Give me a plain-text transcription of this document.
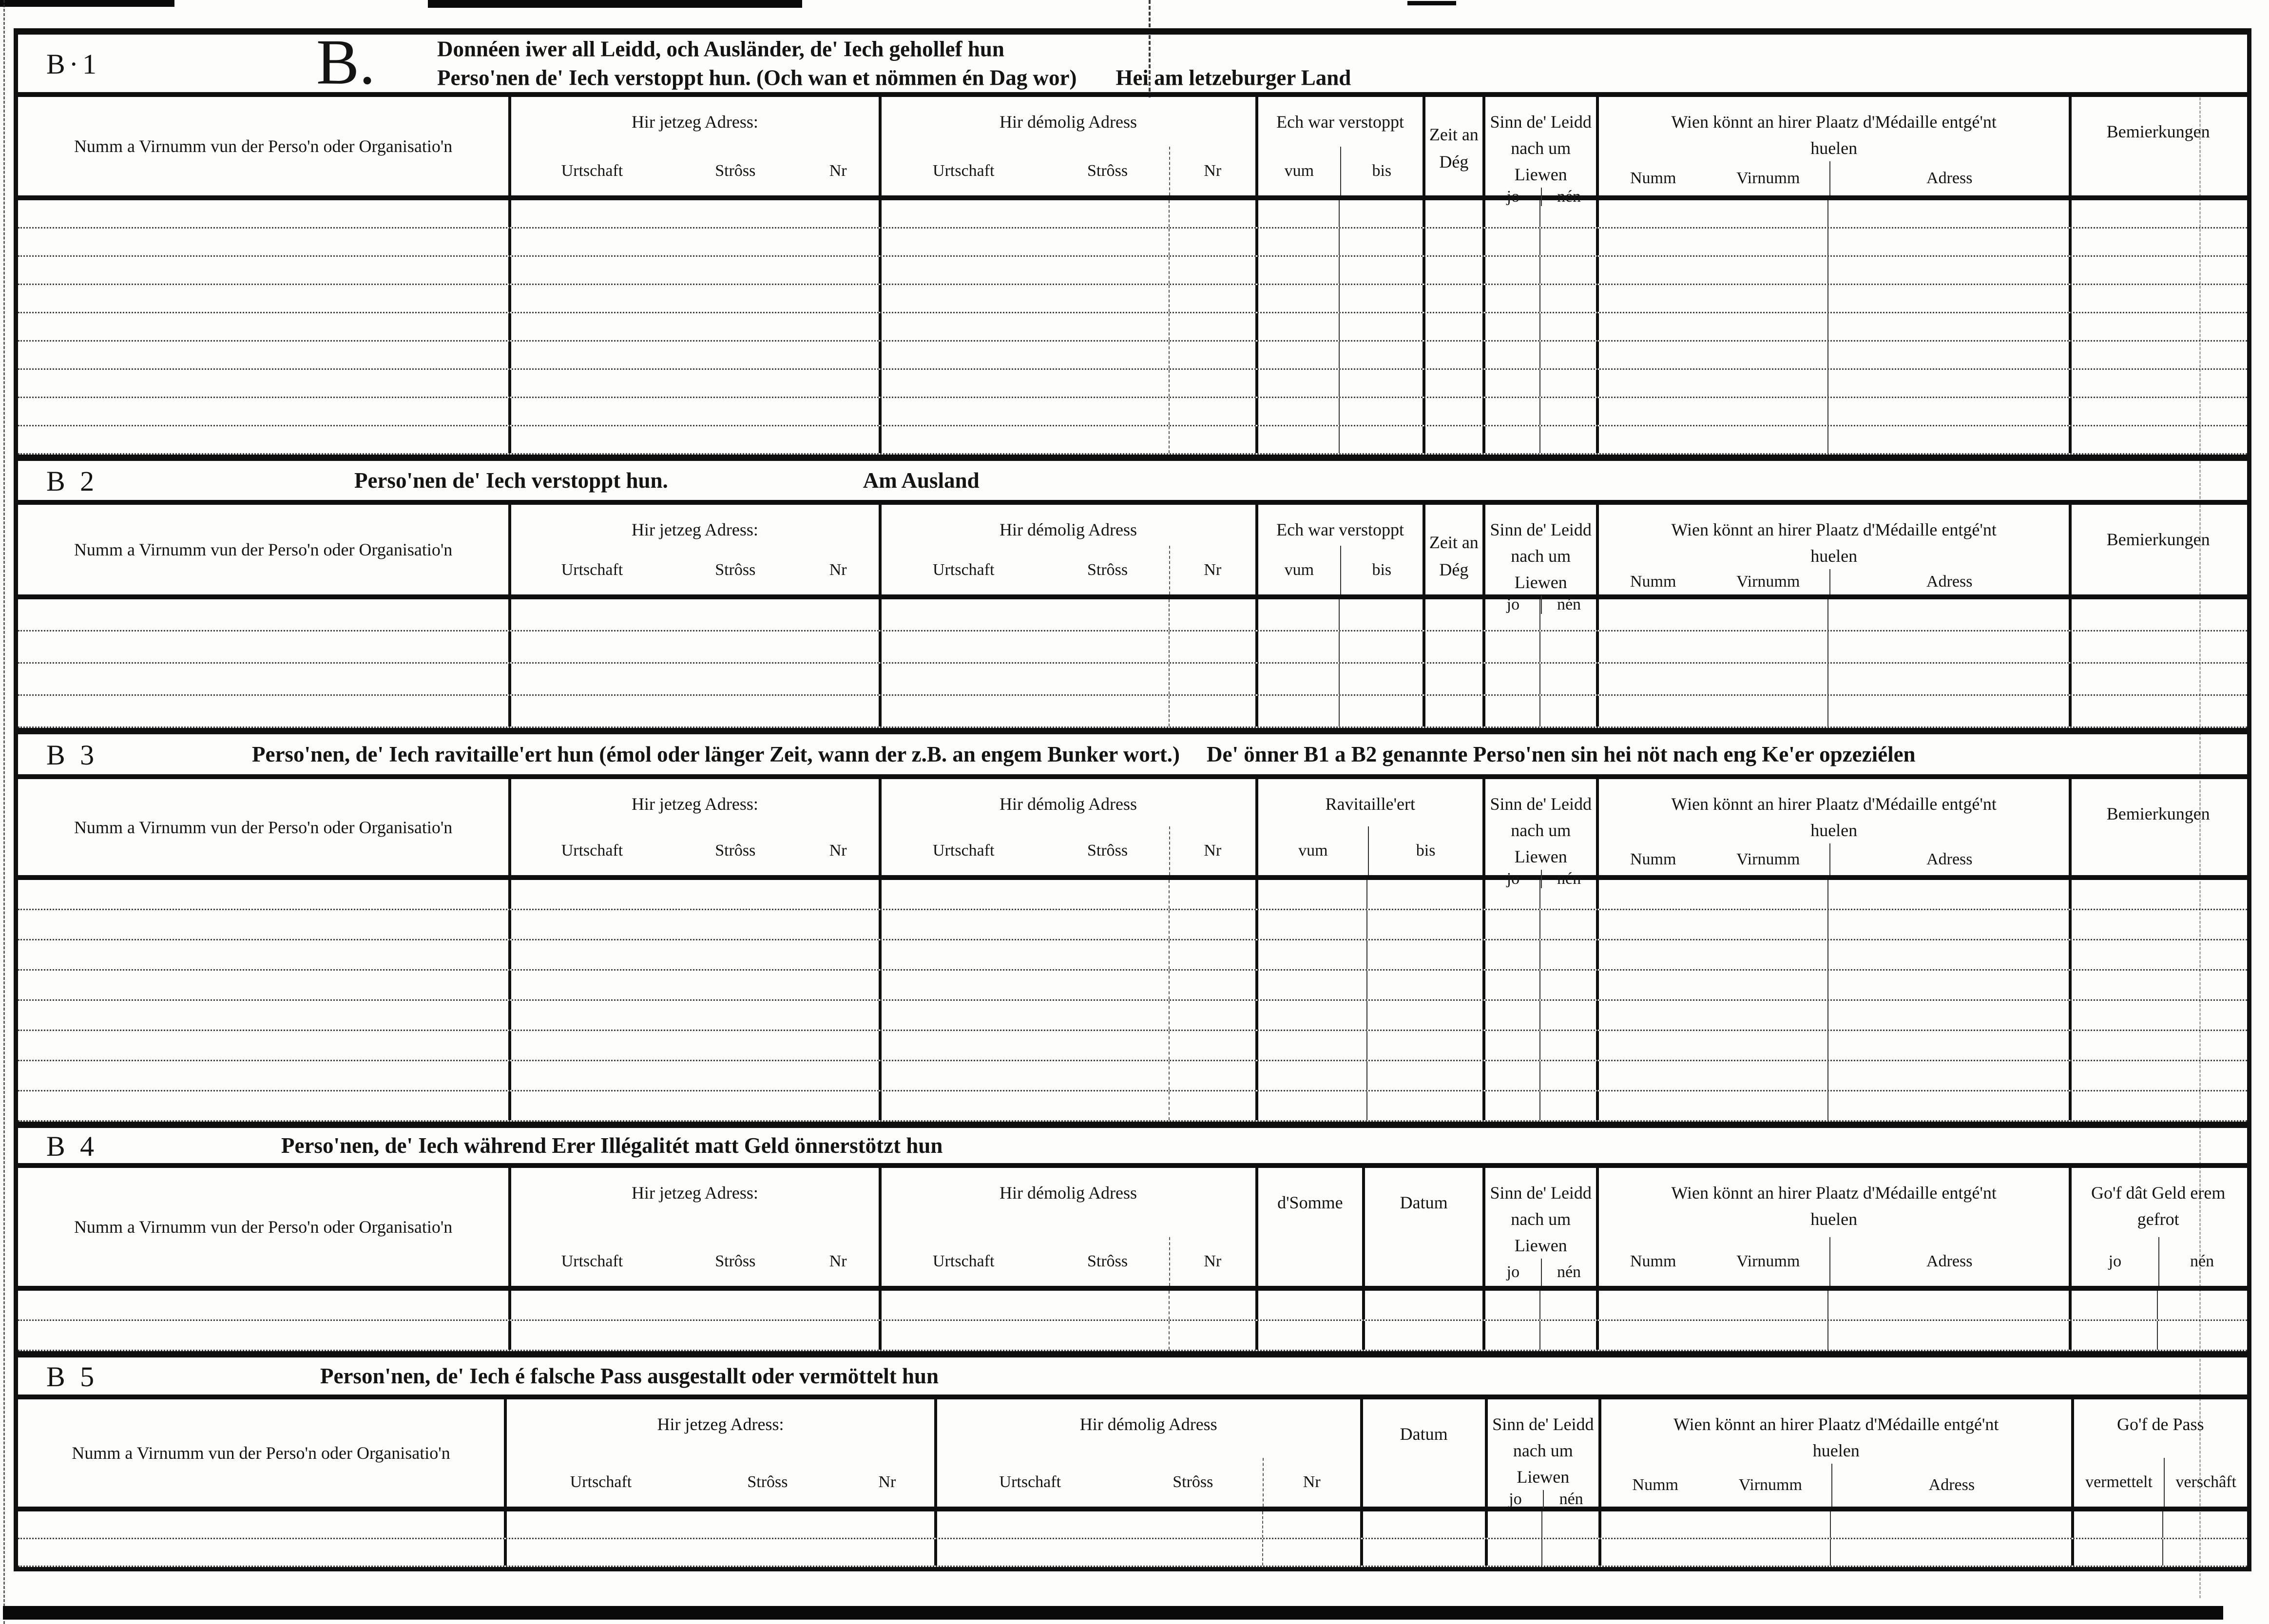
B·1	B.	Donnéen iwer all Leidd, och Ausländer, de' Iech gehollef hun
Perso'nen de' Iech verstoppt hun. (Och wan et nömmen én Dag wor) Hei am letzeburger Land
Numm a Virnumm vun der Perso'n oder Organisatio'n
Hir jetzeg Adress:
Urtschaft	Strôss	Nr
Hir démolig Adress
Urtschaft	Strôss	Nr
Ech war verstoppt
vum	bis
Zeit an Dég
Sinn de' Leidd nach um Liewen
jo	nén
Wien könnt an hirer Plaatz d'Médaille entgé'nt huelen
Numm	Virnumm	Adress
Bemierkungen
B 2	Perso'nen de' Iech verstoppt hun.	Am Ausland
Numm a Virnumm vun der Perso'n oder Organisatio'n
Hir jetzeg Adress:
Urtschaft	Strôss	Nr
Hir démolig Adress
Urtschaft	Strôss	Nr
Ech war verstoppt
vum	bis
Zeit an Dég
Sinn de' Leidd nach um Liewen
jo	nén
Wien könnt an hirer Plaatz d'Médaille entgé'nt huelen
Numm	Virnumm	Adress
Bemierkungen
B 3	Perso'nen, de' Iech ravitaille'ert hun (émol oder länger Zeit, wann der z.B. an engem Bunker wort.) De' önner B1 a B2 genannte Perso'nen sin hei nöt nach eng Ke'er opzeziélen
Numm a Virnumm vun der Perso'n oder Organisatio'n
Hir jetzeg Adress:
Urtschaft	Strôss	Nr
Hir démolig Adress
Urtschaft	Strôss	Nr
Ravitaille'ert
vum	bis
Sinn de' Leidd nach um Liewen
jo	nén
Wien könnt an hirer Plaatz d'Médaille entgé'nt huelen
Numm	Virnumm	Adress
Bemierkungen
B 4	Perso'nen, de' Iech während Erer Illégalitét matt Geld önnerstötzt hun
Numm a Virnumm vun der Perso'n oder Organisatio'n
Hir jetzeg Adress:
Urtschaft	Strôss	Nr
Hir démolig Adress
Urtschaft	Strôss	Nr
d'Somme	Datum	Sinn de' Leidd nach um Liewen
jo	nén
Wien könnt an hirer Plaatz d'Médaille entgé'nt huelen
Numm	Virnumm	Adress
Go'f dât Geld erem gefrot
jo	nén
B 5	Person'nen, de' Iech é falsche Pass ausgestallt oder vermöttelt hun
Numm a Virnumm vun der Perso'n oder Organisatio'n
Hir jetzeg Adress:
Urtschaft	Strôss	Nr
Hir démolig Adress
Urtschaft	Strôss	Nr
Datum	Sinn de' Leidd nach um Liewen
jo	nén
Wien könnt an hirer Plaatz d'Médaille entgé'nt huelen
Numm	Virnumm	Adress
Go'f de Pass
vermettelt	verschâft
